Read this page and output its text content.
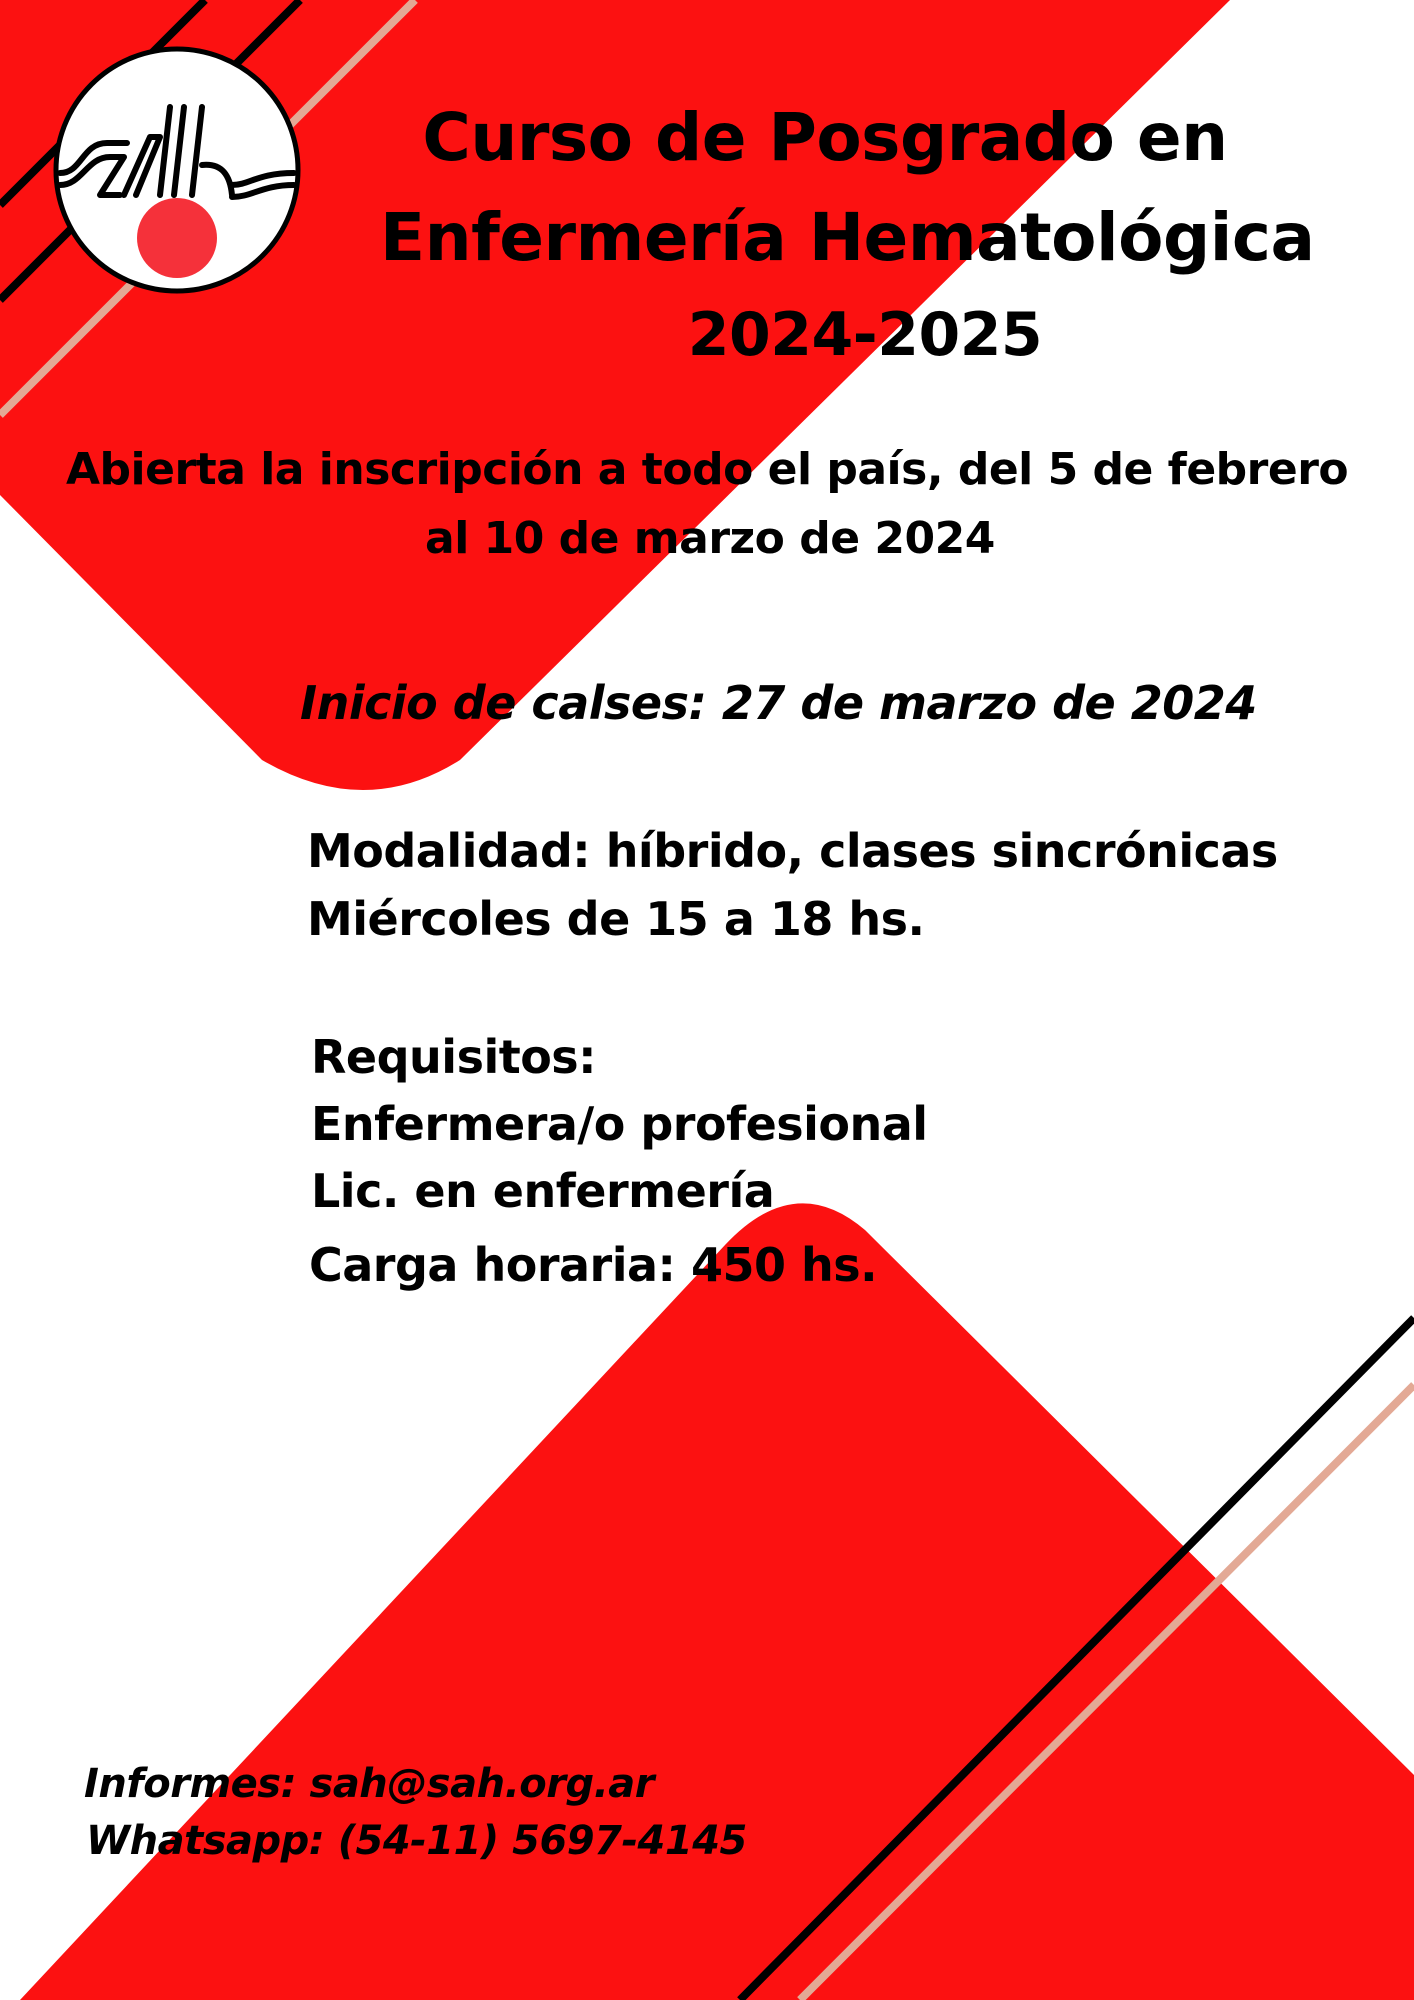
Curso de Posgrado en
Enfermería Hematológica
2024-2025
Abierta la inscripción a todo el país, del 5 de febrero
al 10 de marzo de 2024
Inicio de calses: 27 de marzo de 2024
Modalidad: híbrido, clases sincrónicas
Miércoles de 15 a 18 hs.
Requisitos:
Enfermera/o profesional
Lic. en enfermería
Carga horaria: 450 hs.
Informes: sah@sah.org.ar
Whatsapp: (54-11) 5697-4145
